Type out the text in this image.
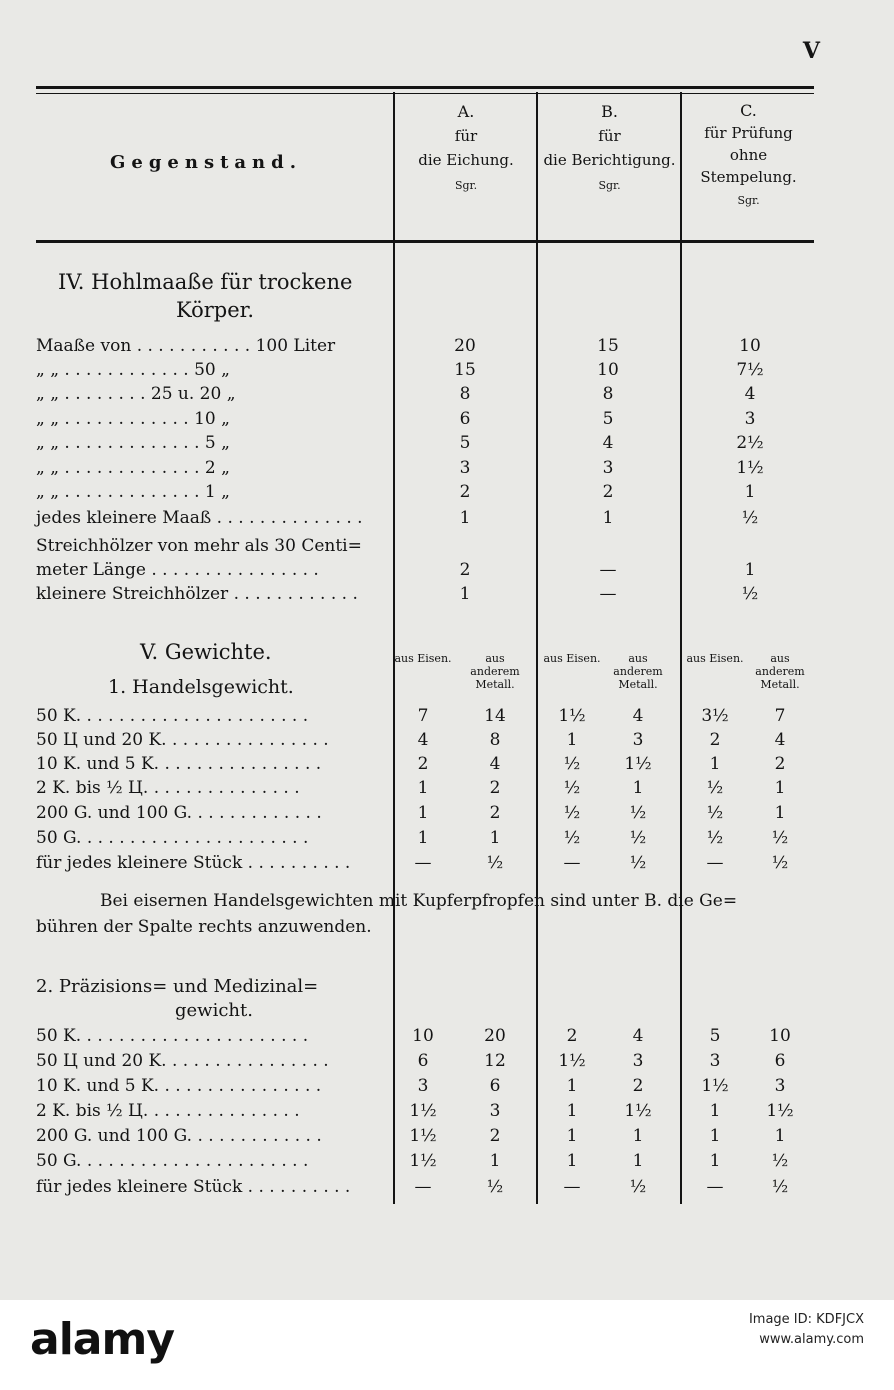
V
Gegenstand.
A.
für
die Eichung.
Sgr.
B.
für
die Berichtigung.
Sgr.
C.
für Prüfung
ohne
Stempelung.
Sgr.
IV. Hohlmaaße für trockene
Körper.
Maaße von . . . . . . . . . . . 100 Liter	20	15	10
„ „ . . . . . . . . . . . . 50 „	15	10	7½
„ „ . . . . . . . . 25 u. 20 „	8	8	4
„ „ . . . . . . . . . . . . 10 „	6	5	3
„ „ . . . . . . . . . . . . . 5 „	5	4	2½
„ „ . . . . . . . . . . . . . 2 „	3	3	1½
„ „ . . . . . . . . . . . . . 1 „	2	2	1
jedes kleinere Maaß . . . . . . . . . . . . . .	1	1	½
Streichhölzer von mehr als 30 Centi=
meter Länge . . . . . . . . . . . . . . . .	2	—	1
kleinere Streichhölzer . . . . . . . . . . . .	1	—	½
V. Gewichte.
1. Handelsgewicht.
aus Eisen.	aus anderem Metall.
aus Eisen.	aus anderem Metall.
aus Eisen.	aus anderem Metall.
50 K. . . . . . . . . . . . . . . . . . . . . .	7	14	1½	4	3½	7
50 Ц und 20 K. . . . . . . . . . . . . . . .	4	8	1	3	2	4
10 K. und 5 K. . . . . . . . . . . . . . . .	2	4	½	1½	1	2
2 K. bis ½ Ц. . . . . . . . . . . . . . .	1	2	½	1	½	1
200 G. und 100 G. . . . . . . . . . . . .	1	2	½	½	½	1
50 G. . . . . . . . . . . . . . . . . . . . . .	1	1	½	½	½	½
für jedes kleinere Stück . . . . . . . . . .	—	½	—	½	—	½
Bei eisernen Handelsgewichten mit Kupferpfropfen sind unter B. die Ge=
bühren der Spalte rechts anzuwenden.
2. Präzisions= und Medizinal=
gewicht.
50 K. . . . . . . . . . . . . . . . . . . . . .	10	20	2	4	5	10
50 Ц und 20 K. . . . . . . . . . . . . . . .	6	12	1½	3	3	6
10 K. und 5 K. . . . . . . . . . . . . . . .	3	6	1	2	1½	3
2 K. bis ½ Ц. . . . . . . . . . . . . . .	1½	3	1	1½	1	1½
200 G. und 100 G. . . . . . . . . . . . .	1½	2	1	1	1	1
50 G. . . . . . . . . . . . . . . . . . . . . .	1½	1	1	1	1	½
für jedes kleinere Stück . . . . . . . . . .	—	½	—	½	—	½
alamy	Image ID: KDFJCX
www.alamy.com
